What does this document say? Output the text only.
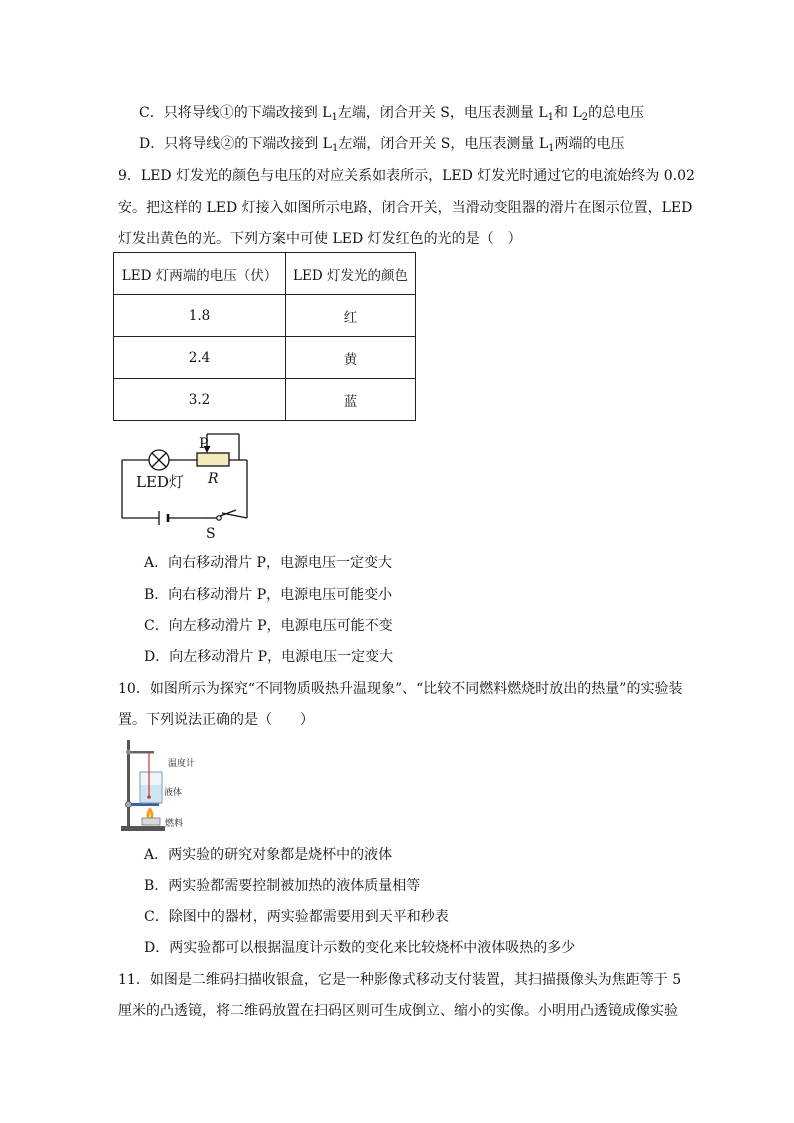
C．只将导线①的下端改接到 $L_1$左端，闭合开关 S，电压表测量 $L_1$和 $L_2$的总电压
D．只将导线②的下端改接到 $L_1$左端，闭合开关 S，电压表测量 $L_1$两端的电压
9．LED 灯发光的颜色与电压的对应关系如表所示，LED 灯发光时通过它的电流始终为 0.02
安。把这样的 LED 灯接入如图所示电路，闭合开关，当滑动变阻器的滑片在图示位置，LED
灯发出黄色的光。下列方案中可使 LED 灯发红色的光的是（　）
LED 灯两端的电压（伏）	LED 灯发光的颜色
1.8	红
2.4	黄
3.2	蓝
P
R
LED灯
S
A．向右移动滑片 P，电源电压一定变大
B．向右移动滑片 P，电源电压可能变小
C．向左移动滑片 P，电源电压可能不变
D．向左移动滑片 P，电源电压一定变大
10．如图所示为探究“不同物质吸热升温现象”、“比较不同燃料燃烧时放出的热量”的实验装
置。下列说法正确的是（　　）
温度计
液体
燃料
A．两实验的研究对象都是烧杯中的液体
B．两实验都需要控制被加热的液体质量相等
C．除图中的器材，两实验都需要用到天平和秒表
D．两实验都可以根据温度计示数的变化来比较烧杯中液体吸热的多少
11．如图是二维码扫描收银盒，它是一种影像式移动支付装置，其扫描摄像头为焦距等于 5
厘米的凸透镜，将二维码放置在扫码区则可生成倒立、缩小的实像。小明用凸透镜成像实验
